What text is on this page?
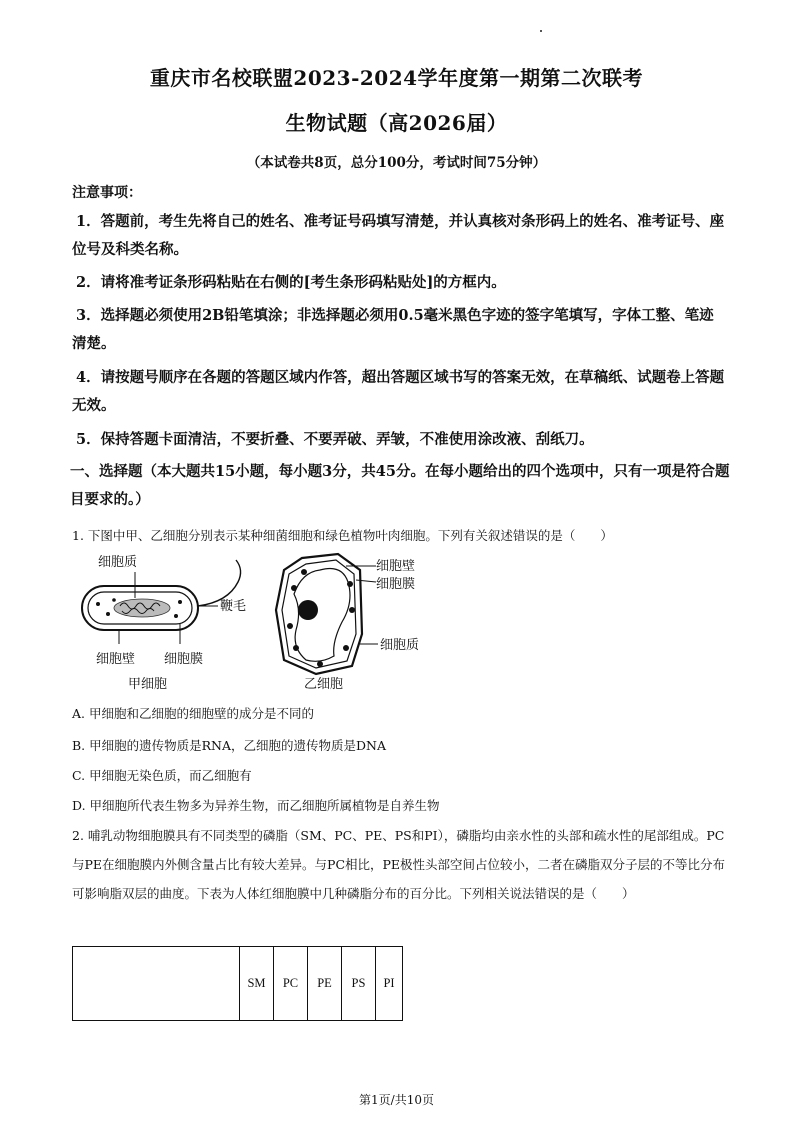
重庆市名校联盟2023-2024学年度第一期第二次联考
生物试题（高2026届）
（本试卷共8页，总分100分，考试时间75分钟）
注意事项：
1．答题前，考生先将自己的姓名、准考证号码填写清楚，并认真核对条形码上的姓名、准考证号、座位号及科类名称。
2．请将准考证条形码粘贴在右侧的[考生条形码粘贴处]的方框内。
3．选择题必须使用2B铅笔填涂；非选择题必须用0.5毫米黑色字迹的签字笔填写，字体工整、笔迹清楚。
4．请按题号顺序在各题的答题区域内作答，超出答题区域书写的答案无效，在草稿纸、试题卷上答题无效。
5．保持答题卡面清洁，不要折叠、不要弄破、弄皱，不准使用涂改液、刮纸刀。
一、选择题（本大题共15小题，每小题3分，共45分。在每小题给出的四个选项中，只有一项是符合题目要求的。）
1. 下图中甲、乙细胞分别表示某种细菌细胞和绿色植物叶肉细胞。下列有关叙述错误的是（　　）
细胞质
鞭毛
细胞壁 细胞膜
甲细胞
细胞壁
细胞膜
细胞质
乙细胞
A. 甲细胞和乙细胞的细胞壁的成分是不同的
B. 甲细胞的遗传物质是RNA，乙细胞的遗传物质是DNA
C. 甲细胞无染色质，而乙细胞有
D. 甲细胞所代表生物多为异养生物，而乙细胞所属植物是自养生物
2. 哺乳动物细胞膜具有不同类型的磷脂（SM、PC、PE、PS和PI），磷脂均由亲水性的头部和疏水性的尾部组成。PC与PE在细胞膜内外侧含量占比有较大差异。与PC相比，PE极性头部空间占位较小，二者在磷脂双分子层的不等比分布可影响脂双层的曲度。下表为人体红细胞膜中几种磷脂分布的百分比。下列相关说法错误的是（　　）
	SM	PC	PE	PS	PI
第1页/共10页
